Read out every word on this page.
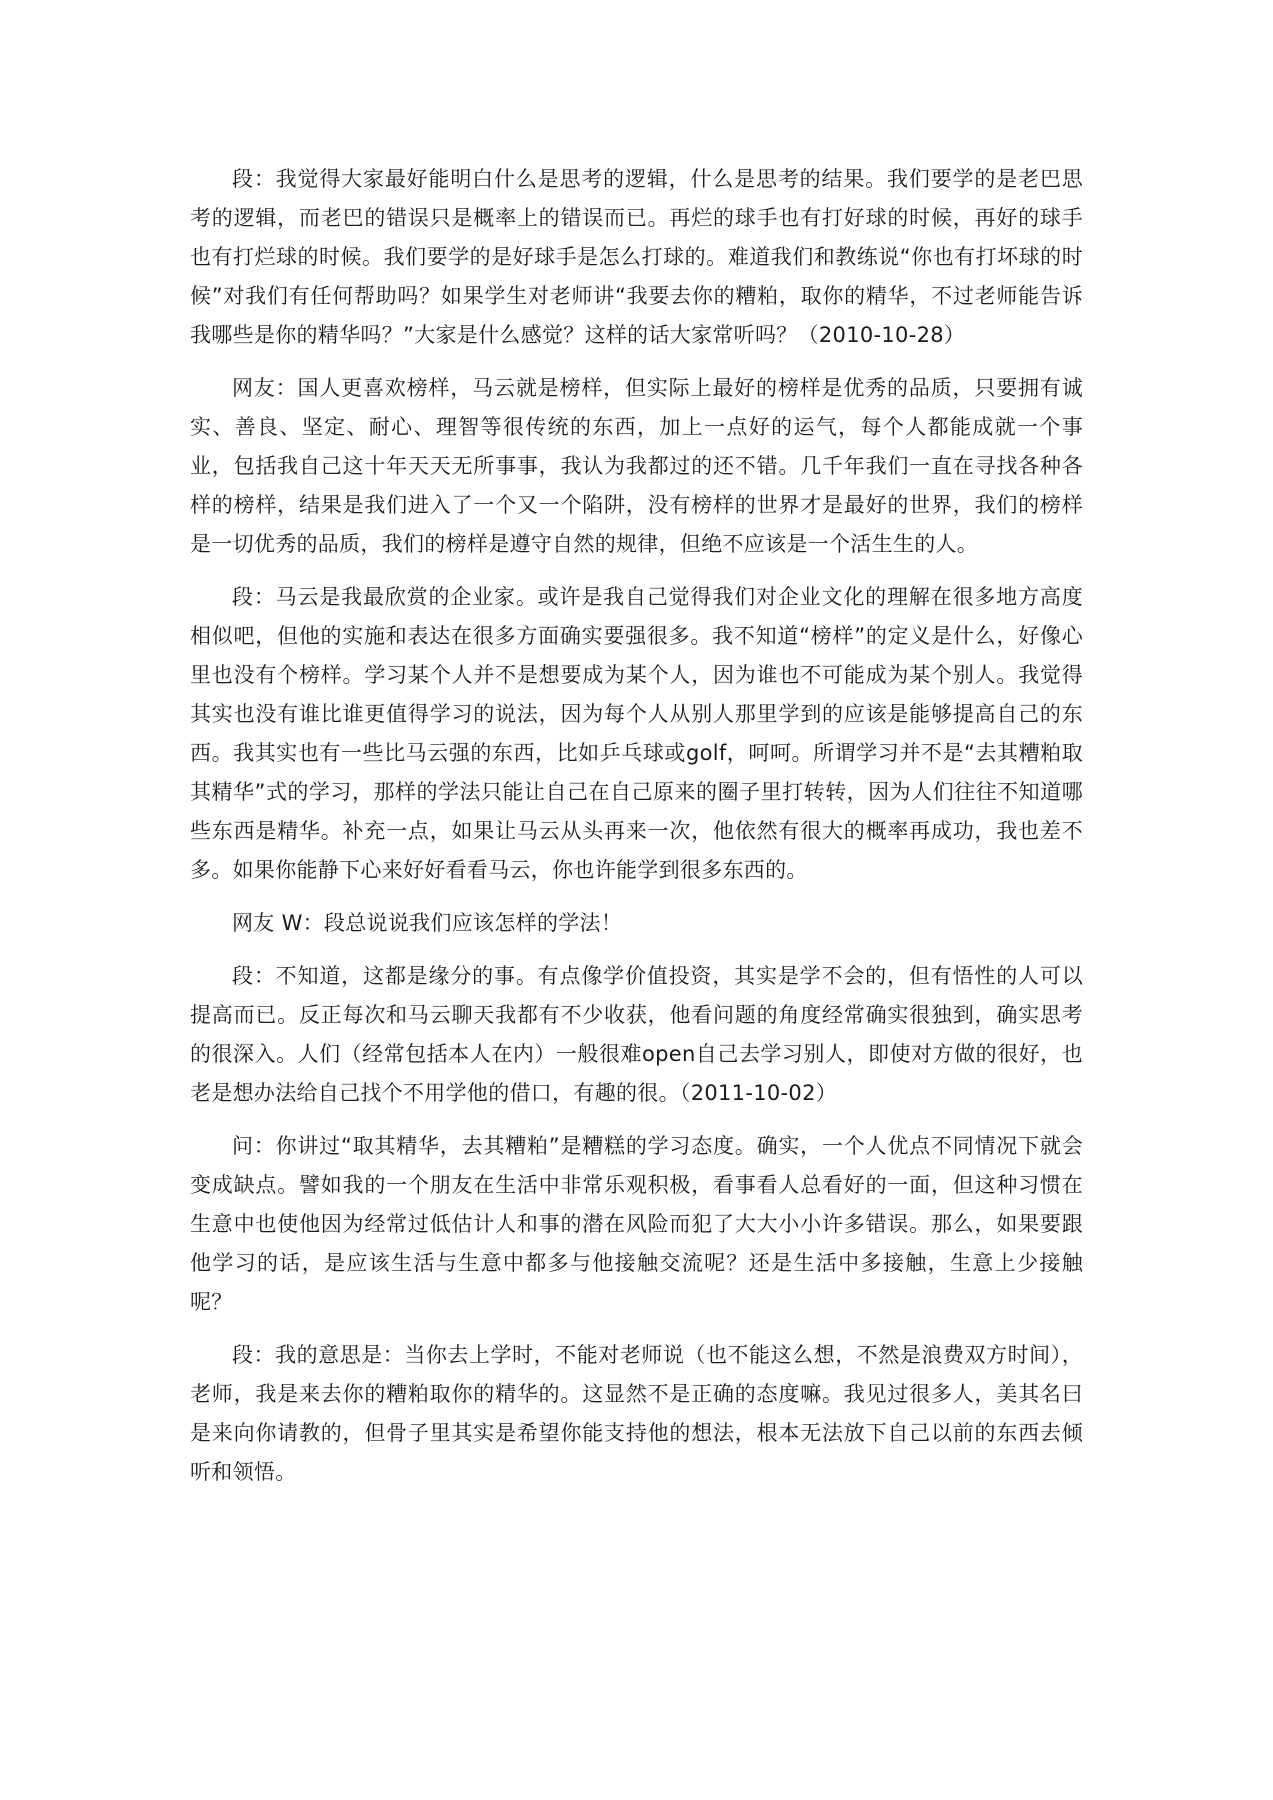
段：我觉得大家最好能明白什么是思考的逻辑，什么是思考的结果。我们要学的是老巴思考的逻辑，而老巴的错误只是概率上的错误而已。再烂的球手也有打好球的时候，再好的球手也有打烂球的时候。我们要学的是好球手是怎么打球的。难道我们和教练说“你也有打坏球的时候”对我们有任何帮助吗？如果学生对老师讲“我要去你的糟粕，取你的精华，不过老师能告诉我哪些是你的精华吗？”大家是什么感觉？这样的话大家常听吗？（2010-10-28）

网友：国人更喜欢榜样，马云就是榜样，但实际上最好的榜样是优秀的品质，只要拥有诚实、善良、坚定、耐心、理智等很传统的东西，加上一点好的运气，每个人都能成就一个事业，包括我自己这十年天天无所事事，我认为我都过的还不错。几千年我们一直在寻找各种各样的榜样，结果是我们进入了一个又一个陷阱，没有榜样的世界才是最好的世界，我们的榜样是一切优秀的品质，我们的榜样是遵守自然的规律，但绝不应该是一个活生生的人。

段：马云是我最欣赏的企业家。或许是我自己觉得我们对企业文化的理解在很多地方高度相似吧，但他的实施和表达在很多方面确实要强很多。我不知道“榜样”的定义是什么，好像心里也没有个榜样。学习某个人并不是想要成为某个人，因为谁也不可能成为某个别人。我觉得其实也没有谁比谁更值得学习的说法，因为每个人从别人那里学到的应该是能够提高自己的东西。我其实也有一些比马云强的东西，比如乒乓球或golf，呵呵。所谓学习并不是“去其糟粕取其精华”式的学习，那样的学法只能让自己在自己原来的圈子里打转转，因为人们往往不知道哪些东西是精华。补充一点，如果让马云从头再来一次，他依然有很大的概率再成功，我也差不多。如果你能静下心来好好看看马云，你也许能学到很多东西的。

网友 W：段总说说我们应该怎样的学法！

段：不知道，这都是缘分的事。有点像学价值投资，其实是学不会的，但有悟性的人可以提高而已。反正每次和马云聊天我都有不少收获，他看问题的角度经常确实很独到，确实思考的很深入。人们（经常包括本人在内）一般很难open自己去学习别人，即使对方做的很好，也老是想办法给自己找个不用学他的借口，有趣的很。（2011-10-02）

问：你讲过“取其精华，去其糟粕”是糟糕的学习态度。确实，一个人优点不同情况下就会变成缺点。譬如我的一个朋友在生活中非常乐观积极，看事看人总看好的一面，但这种习惯在生意中也使他因为经常过低估计人和事的潜在风险而犯了大大小小许多错误。那么，如果要跟他学习的话，是应该生活与生意中都多与他接触交流呢？还是生活中多接触，生意上少接触呢？

段：我的意思是：当你去上学时，不能对老师说（也不能这么想，不然是浪费双方时间），老师，我是来去你的糟粕取你的精华的。这显然不是正确的态度嘛。我见过很多人，美其名曰是来向你请教的，但骨子里其实是希望你能支持他的想法，根本无法放下自己以前的东西去倾听和领悟。
